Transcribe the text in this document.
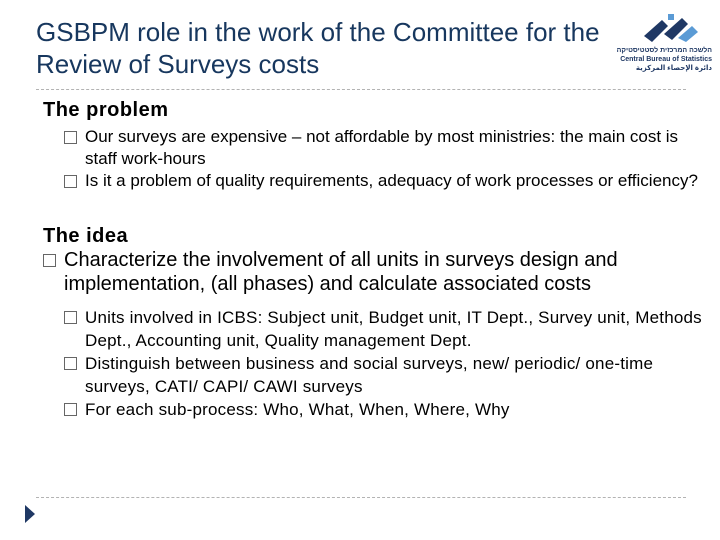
GSBPM role in the work of the Committee for the Review of Surveys costs	הלשכה המרכזית לסטטיסטיקה
Central Bureau of Statistics
دائرة الإحصاء المركزية
The problem
Our surveys are expensive – not affordable by most ministries: the main cost is staff work-hours
Is it a problem of quality requirements, adequacy of work processes or efficiency?
The idea
Characterize the involvement of all units in surveys design and implementation, (all phases) and calculate associated costs
Units involved in ICBS: Subject unit, Budget unit, IT Dept., Survey unit, Methods Dept., Accounting unit, Quality management Dept.
Distinguish between business and social surveys, new/ periodic/ one-time surveys, CATI/ CAPI/ CAWI surveys
For each sub-process: Who, What, When, Where, Why
